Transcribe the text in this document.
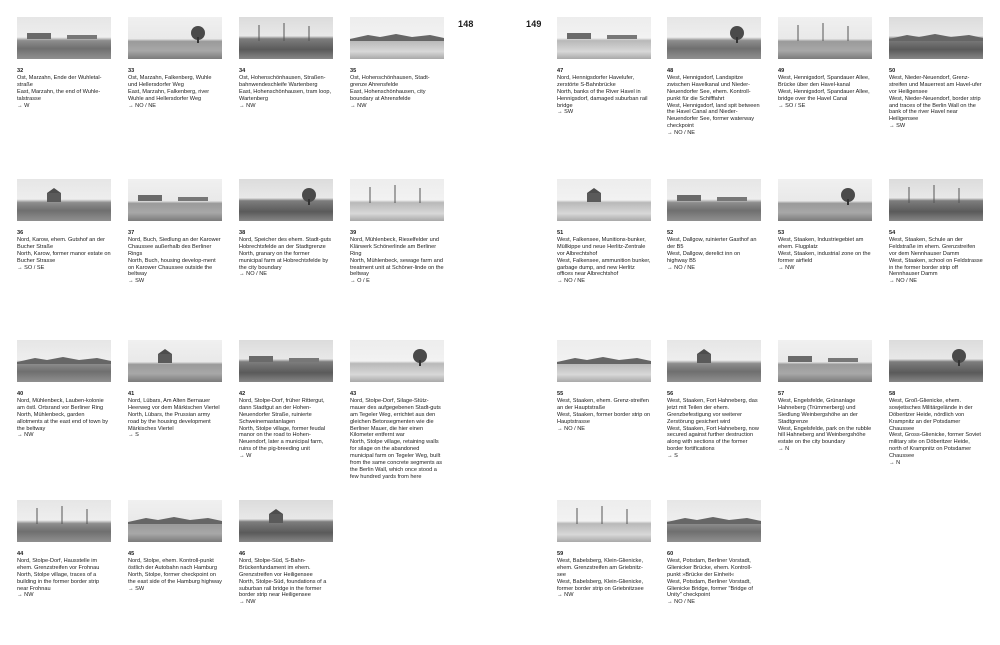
148	149
32
Ost, Marzahn, Ende der Wuhletal-straße
East, Marzahn, the end of Wuhle-talstrasse
→ W
33
Ost, Marzahn, Falkenberg, Wuhle und Hellersdorfer Weg
East, Marzahn, Falkenberg, river Wuhle and Hellersdorfer Weg
→ NO / NE
34
Ost, Hohenschönhausen, Straßen-bahnwendeschleife Wartenberg
East, Hohenschönhausen, tram loop, Wartenberg
→ NW
35
Ost, Hohenschönhausen, Stadt-grenze Ahrensfelde
East, Hohenschönhausen, city boundary at Ahrensfelde
→ NW
36
Nord, Karow, ehem. Gutshof an der Bucher Straße
North, Karow, former manor estate on Bucher Strasse
→ SO / SE
37
Nord, Buch, Siedlung an der Karower Chaussee außerhalb des Berliner Rings
North, Buch, housing develop-ment on Karower Chaussee outside the beltway
→ SW
38
Nord, Speicher des ehem. Stadt-guts Hobrechtsfelde an der Stadtgrenze
North, granary on the former municipal farm at Hobrechtsfelde by the city boundary
→ NO / NE
39
Nord, Mühlenbeck, Rieselfelder und Klärwerk Schönerlinde am Berliner Ring
North, Mühlenbeck, sewage farm and treatment unit at Schöner-linde on the beltway
→ O / E
40
Nord, Mühlenbeck, Lauben-kolonie am östl. Ortsrand vor Berliner Ring
North, Mühlenbeck, garden allotments at the east end of town by the beltway
→ NW
41
Nord, Lübars, Am Alten Bernauer Heerweg vor dem Märkischen Viertel
North, Lübars, the Prussian army road by the housing development Märkisches Viertel
→ S
42
Nord, Stolpe-Dorf, früher Rittergut, dann Stadtgut an der Hohen-Neuendorfer Straße, ruinierte Schweinemastanlagen
North, Stolpe village, former feudal manor on the road to Hohen-Neuendorf, later a municipal farm, ruins of the pig-breeding unit
→ W
43
Nord, Stolpe-Dorf, Silage-Stütz-mauer des aufgegebenen Stadt-guts am Tegeler Weg, errichtet aus den gleichen Betonsegmenten wie die Berliner Mauer, die hier einen Kilometer entfernt war
North, Stolpe village, retaining walls for silage on the abandoned municipal farm on Tegeler Weg, built from the same concrete segments as the Berlin Wall, which once stood a few hundred yards from here
44
Nord, Stolpe-Dorf, Hausstelle im ehem. Grenzstreifen vor Frohnau
North, Stolpe village, traces of a building in the former border strip near Frohnau
→ NW
45
Nord, Stolpe, ehem. Kontroll-punkt östlich der Autobahn nach Hamburg
North, Stolpe, former checkpoint on the east side of the Hamburg highway
→ SW
46
Nord, Stolpe-Süd, S-Bahn-Brückenfundament im ehem. Grenzstreifen vor Heiligensee
North, Stolpe-Süd, foundations of a suburban rail bridge in the former border strip near Heiligensee
→ NW
47
Nord, Hennigsdorfer Havelufer, zerstörte S-Bahnbrücke
North, banks of the River Havel in Hennigsdorf, damaged suburban rail bridge
→ SW
48
West, Hennigsdorf, Landspitze zwischen Havelkanal und Nieder-Neuendorfer See, ehem. Kontroll-punkt für die Schifffahrt
West, Hennigsdorf, land spit between the Havel Canal and Nieder-Neuendorfer See, former waterway checkpoint
→ NO / NE
49
West, Hennigsdorf, Spandauer Allee, Brücke über den Havel-kanal
West, Hennigsdorf, Spandauer Allee, bridge over the Havel Canal
→ SO / SE
50
West, Nieder-Neuendorf, Grenz-streifen und Mauerrest am Havel-ufer vor Heiligensee
West, Nieder-Neuendorf, border strip and traces of the Berlin Wall on the bank of the river Havel near Heiligensee
→ SW
51
West, Falkensee, Munitions-bunker, Müllkippe und neue Herlitz-Zentrale vor Albrechtshof
West, Falkensee, ammunition bunker, garbage dump, and new Herlitz offices near Albrechtshof
→ NO / NE
52
West, Dallgow, ruinierter Gasthof an der B5
West, Dallgow, derelict inn on highway B5
→ NO / NE
53
West, Staaken, Industriegebiet am ehem. Flugplatz
West, Staaken, industrial zone on the former airfield
→ NW
54
West, Staaken, Schule an der Feldstraße im ehem. Grenzstreifen vor dem Nennhauser Damm
West, Staaken, school on Feldstrasse in the former border strip off Nennhauser Damm
→ NO / NE
55
West, Staaken, ehem. Grenz-streifen an der Hauptstraße
West, Staaken, former border strip on Hauptstrasse
→ NO / NE
56
West, Staaken, Fort Hahneberg, das jetzt mit Teilen der ehem. Grenzbefestigung vor weiterer Zerstörung gesichert wird
West, Staaken, Fort Hahneberg, now secured against further destruction along with sections of the former border fortifications
→ S
57
West, Engelsfelde, Grünanlage Hahneberg (Trümmerberg) und Siedlung Weinbergshöhe an der Stadtgrenze
West, Engelsfelde, park on the rubble hill Hahneberg and Weinbergshöhe estate on the city boundary
→ N
58
West, Groß-Glienicke, ehem. sowjetisches Militärgelände in der Döberitzer Heide, nördlich von Krampnitz an der Potsdamer Chaussee
West, Gross-Glienicke, former Soviet military site on Döberitzer Heide, north of Krampnitz on Potsdamer Chaussee
→ N
59
West, Babelsberg, Klein-Glienicke, ehem. Grenzstreifen am Griebnitz-see
West, Babelsberg, Klein-Glienicke, former border strip on Griebnitzsee
→ NW
60
West, Potsdam, Berliner Vorstadt, Glienicker Brücke, ehem. Kontroll-punkt »Brücke der Einheit«
West, Potsdam, Berliner Vorstadt, Glienicke Bridge, former "Bridge of Unity" checkpoint
→ NO / NE
